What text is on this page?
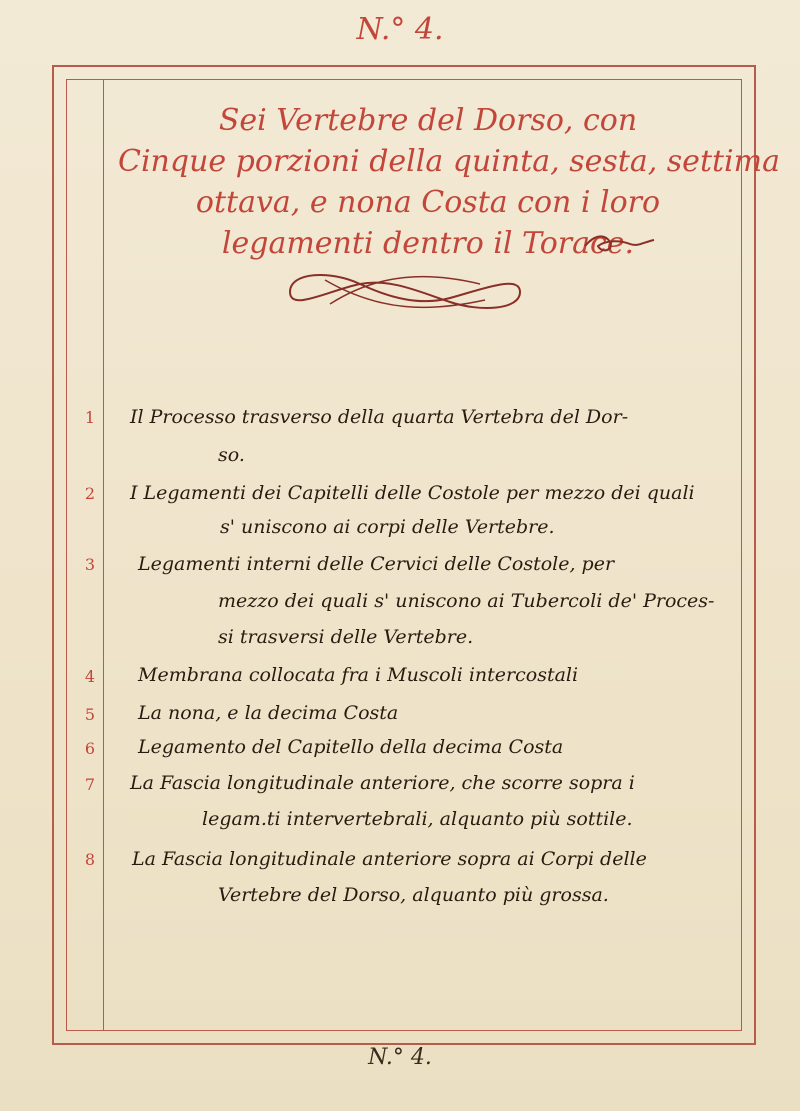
N.° 4.
Sei Vertebre del Dorso, con
Cinque porzioni della quinta, sesta, settima
ottava, e nona Costa con i loro
legamenti dentro il Torace.
1	Il Processo trasverso della quarta Vertebra del Dor-
so.
2	I Legamenti dei Capitelli delle Costole per mezzo dei quali
s' uniscono ai corpi delle Vertebre.
3	Legamenti interni delle Cervici delle Costole, per
mezzo dei quali s' uniscono ai Tubercoli de' Proces-
si trasversi delle Vertebre.
4	Membrana collocata fra i Muscoli intercostali
5	La nona, e la decima Costa
6	Legamento del Capitello della decima Costa
7	La Fascia longitudinale anteriore, che scorre sopra i
legam.ti intervertebrali, alquanto più sottile.
8	La Fascia longitudinale anteriore sopra ai Corpi delle
Vertebre del Dorso, alquanto più grossa.
N.° 4.
